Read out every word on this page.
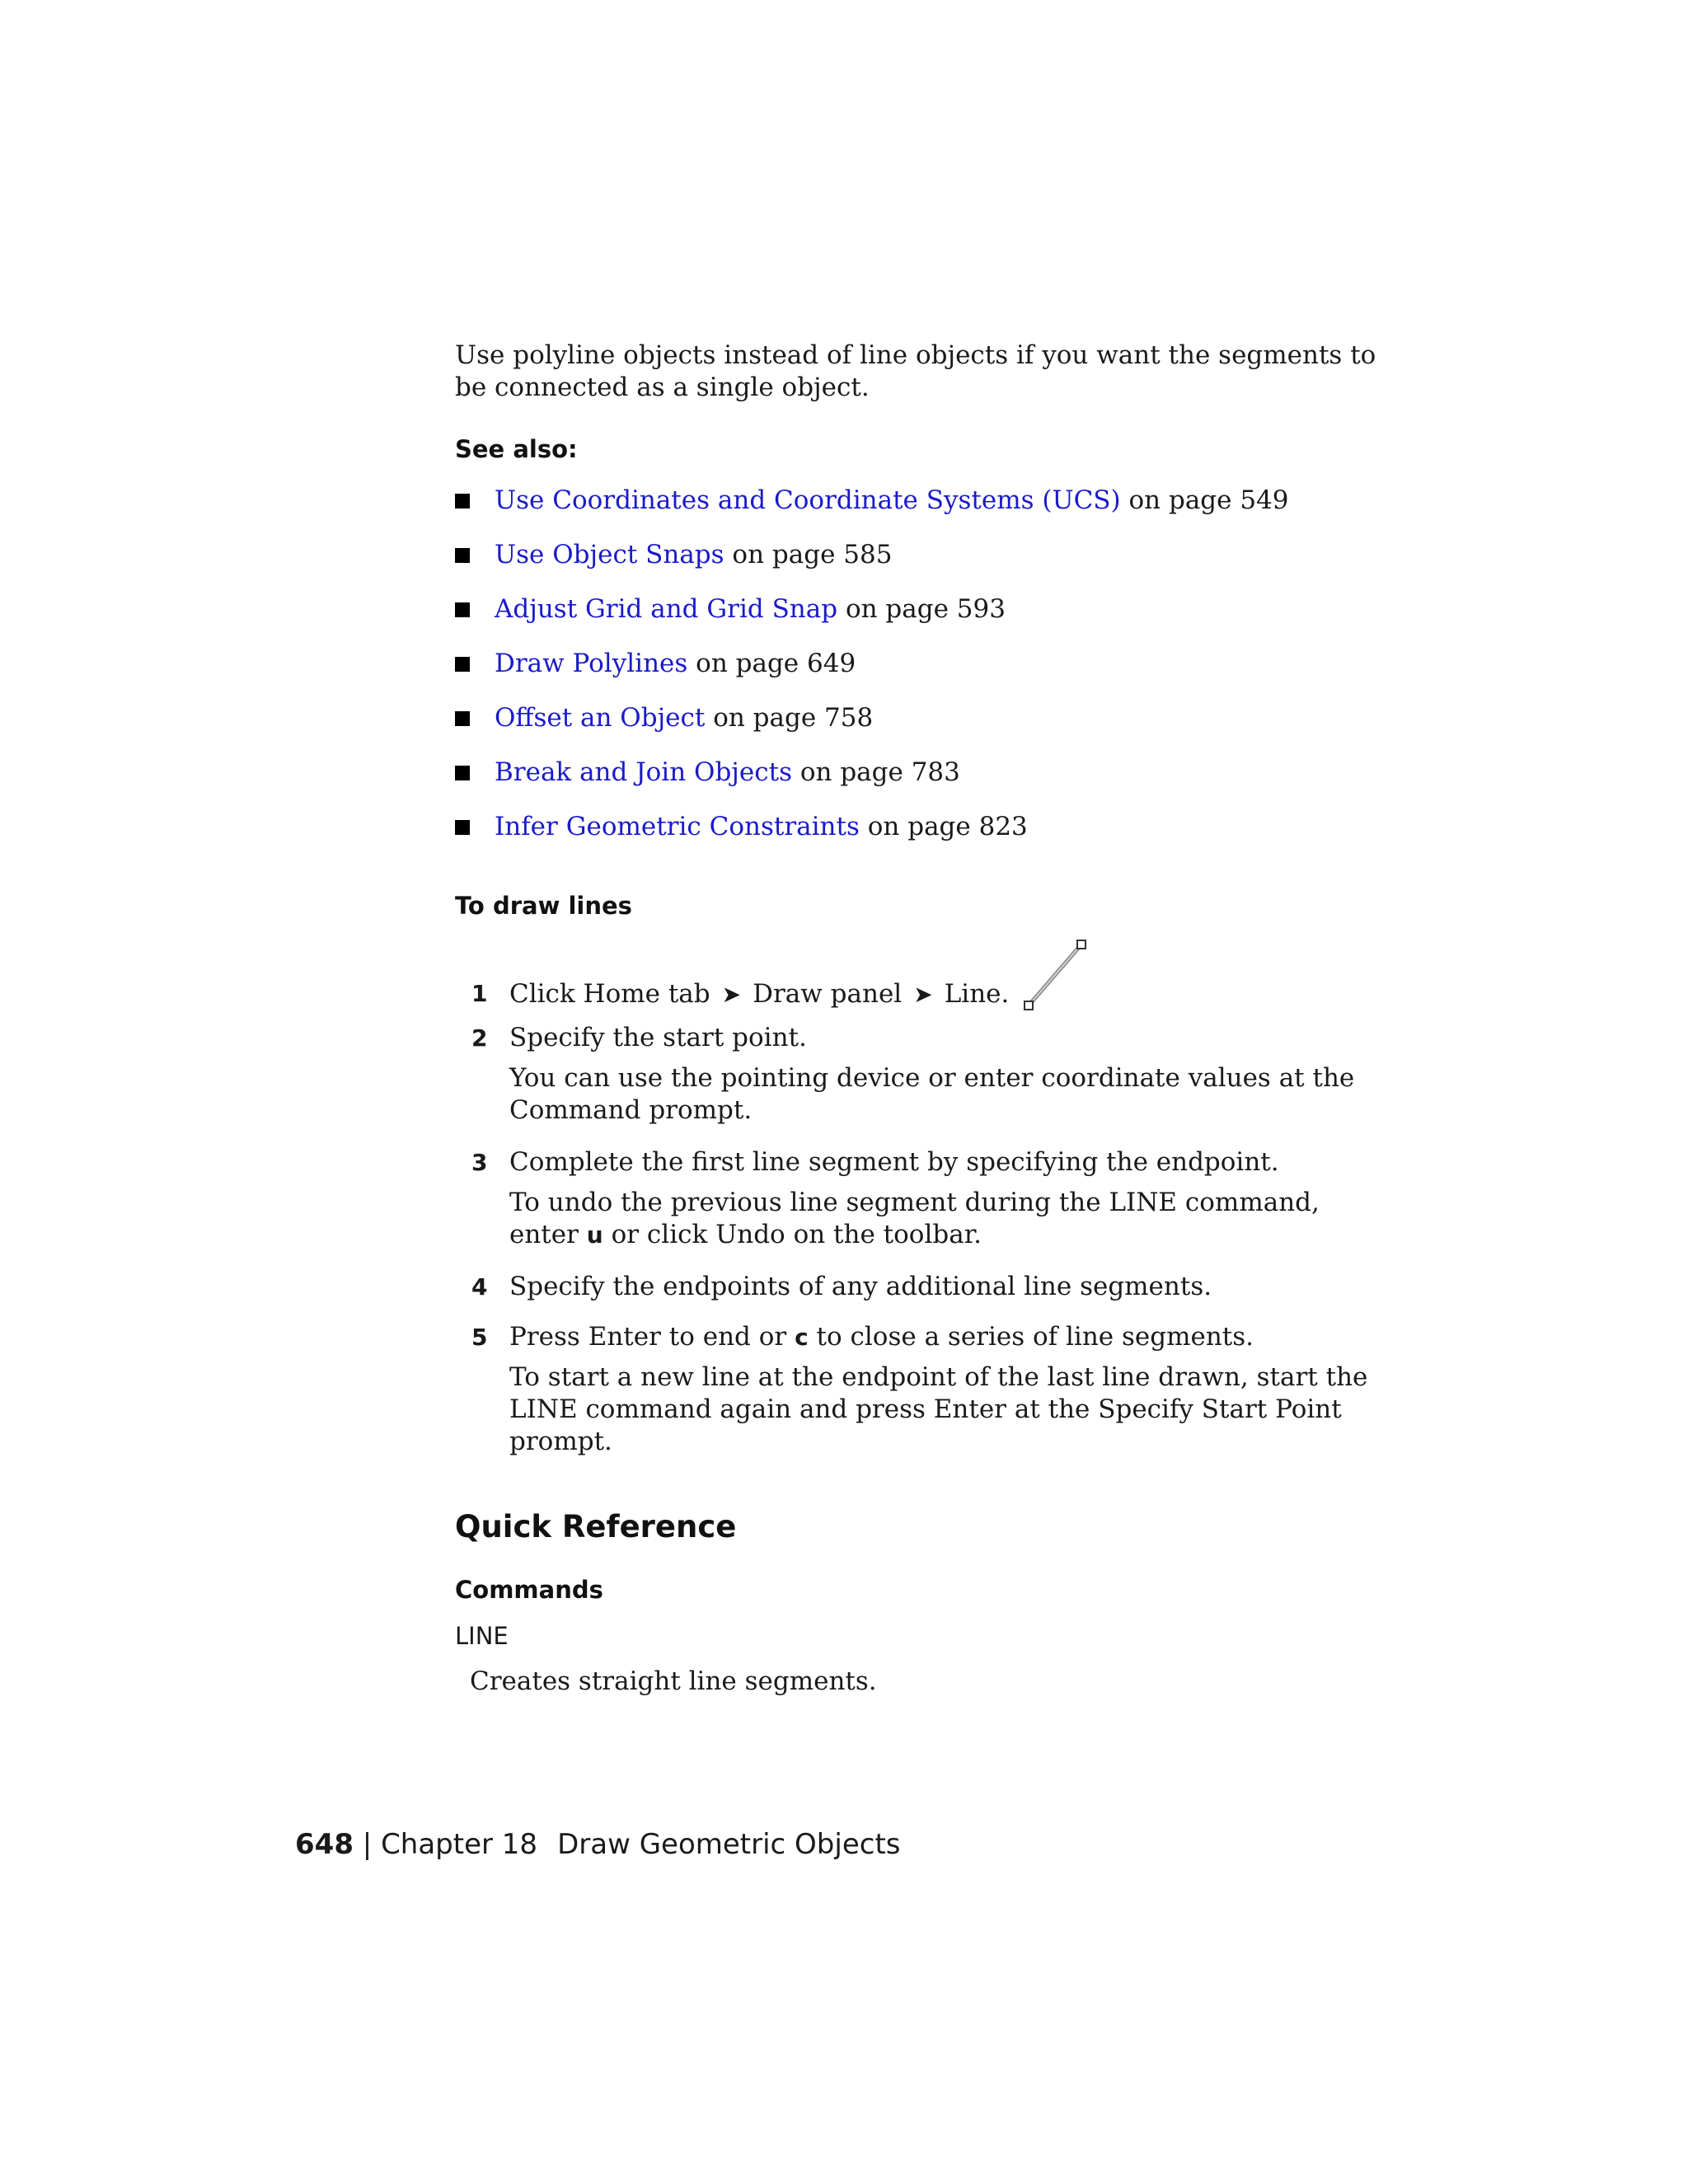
Use polyline objects instead of line objects if you want the segments to be connected as a single object.

See also:

Use Coordinates and Coordinate Systems (UCS) on page 549
Use Object Snaps on page 585
Adjust Grid and Grid Snap on page 593
Draw Polylines on page 649
Offset an Object on page 758
Break and Join Objects on page 783
Infer Geometric Constraints on page 823

To draw lines

1 Click Home tab ➤ Draw panel ➤ Line.
2 Specify the start point.
You can use the pointing device or enter coordinate values at the Command prompt.
3 Complete the first line segment by specifying the endpoint.
To undo the previous line segment during the LINE command, enter u or click Undo on the toolbar.
4 Specify the endpoints of any additional line segments.
5 Press Enter to end or c to close a series of line segments.
To start a new line at the endpoint of the last line drawn, start the LINE command again and press Enter at the Specify Start Point prompt.

Quick Reference

Commands

LINE

Creates straight line segments.

648 | Chapter 18 Draw Geometric Objects
